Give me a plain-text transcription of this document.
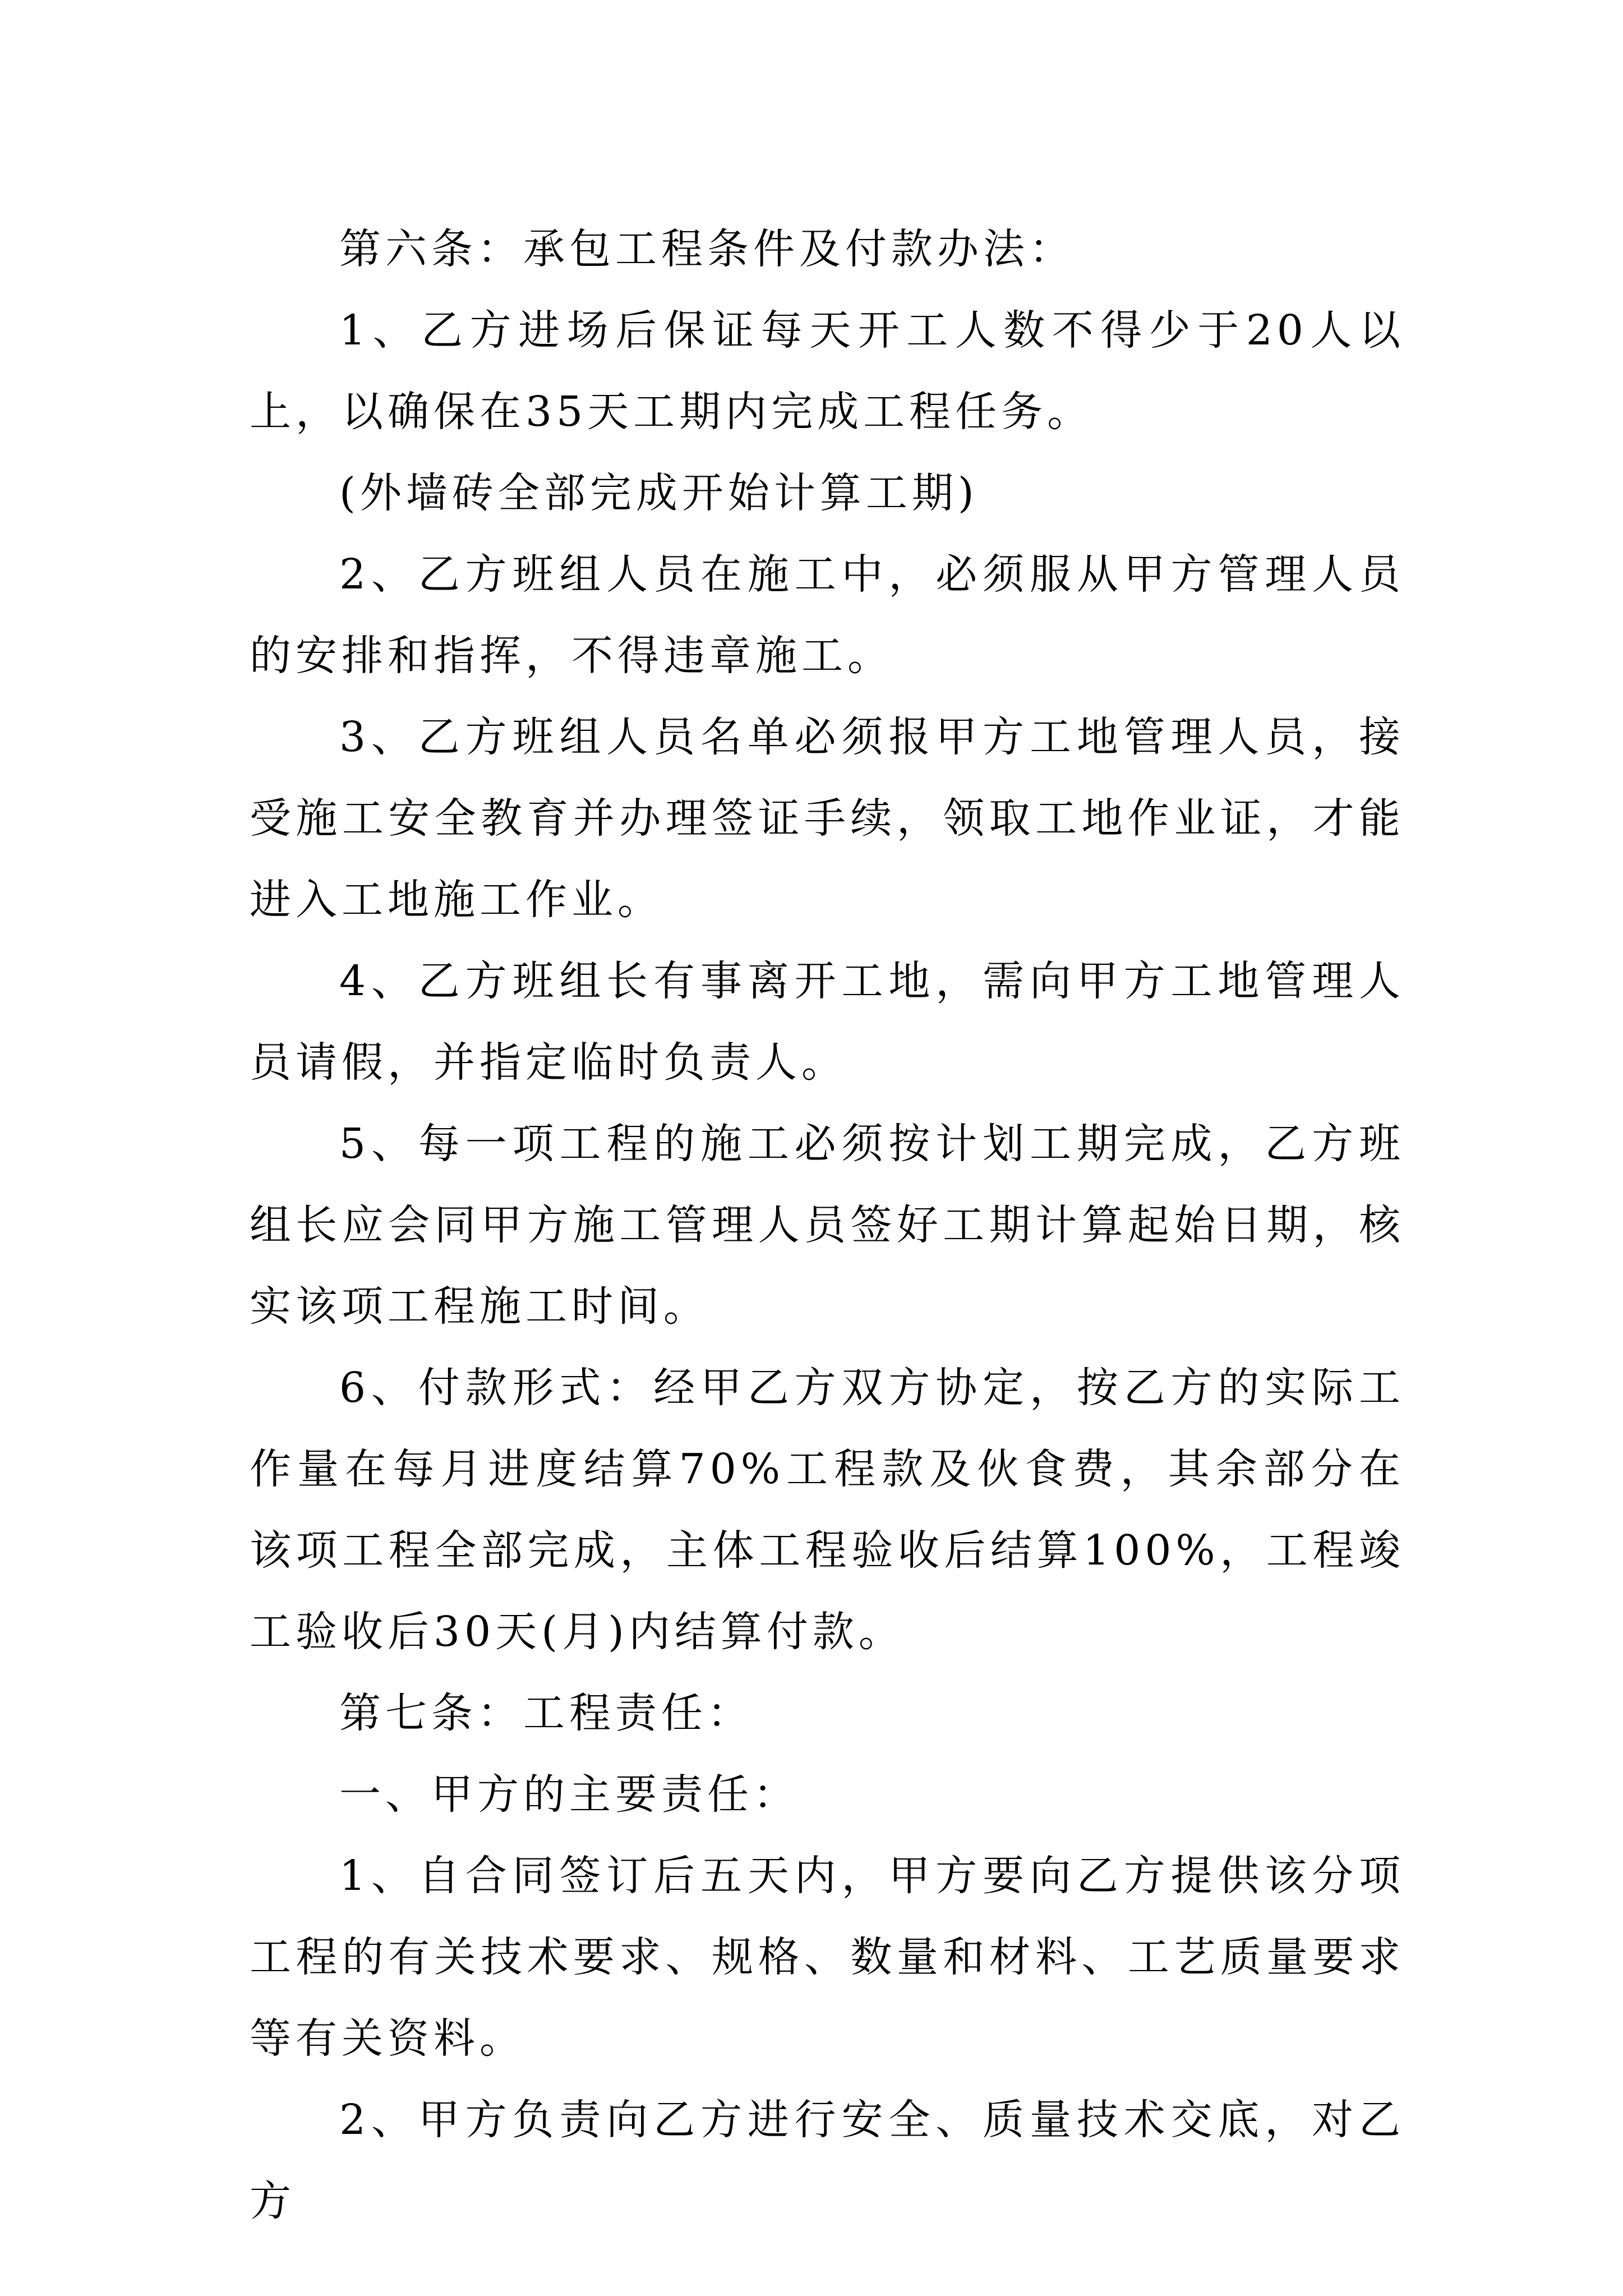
第六条：承包工程条件及付款办法：

1、乙方进场后保证每天开工人数不得少于20人以上，以确保在35天工期内完成工程任务。

(外墙砖全部完成开始计算工期)

2、乙方班组人员在施工中，必须服从甲方管理人员的安排和指挥，不得违章施工。

3、乙方班组人员名单必须报甲方工地管理人员，接受施工安全教育并办理签证手续，领取工地作业证，才能进入工地施工作业。

4、乙方班组长有事离开工地，需向甲方工地管理人员请假，并指定临时负责人。

5、每一项工程的施工必须按计划工期完成，乙方班组长应会同甲方施工管理人员签好工期计算起始日期，核实该项工程施工时间。

6、付款形式：经甲乙方双方协定，按乙方的实际工作量在每月进度结算70%工程款及伙食费，其余部分在该项工程全部完成，主体工程验收后结算100%，工程竣工验收后30天(月)内结算付款。

第七条：工程责任：

一、甲方的主要责任：

1、自合同签订后五天内，甲方要向乙方提供该分项工程的有关技术要求、规格、数量和材料、工艺质量要求等有关资料。

2、甲方负责向乙方进行安全、质量技术交底，对乙方
